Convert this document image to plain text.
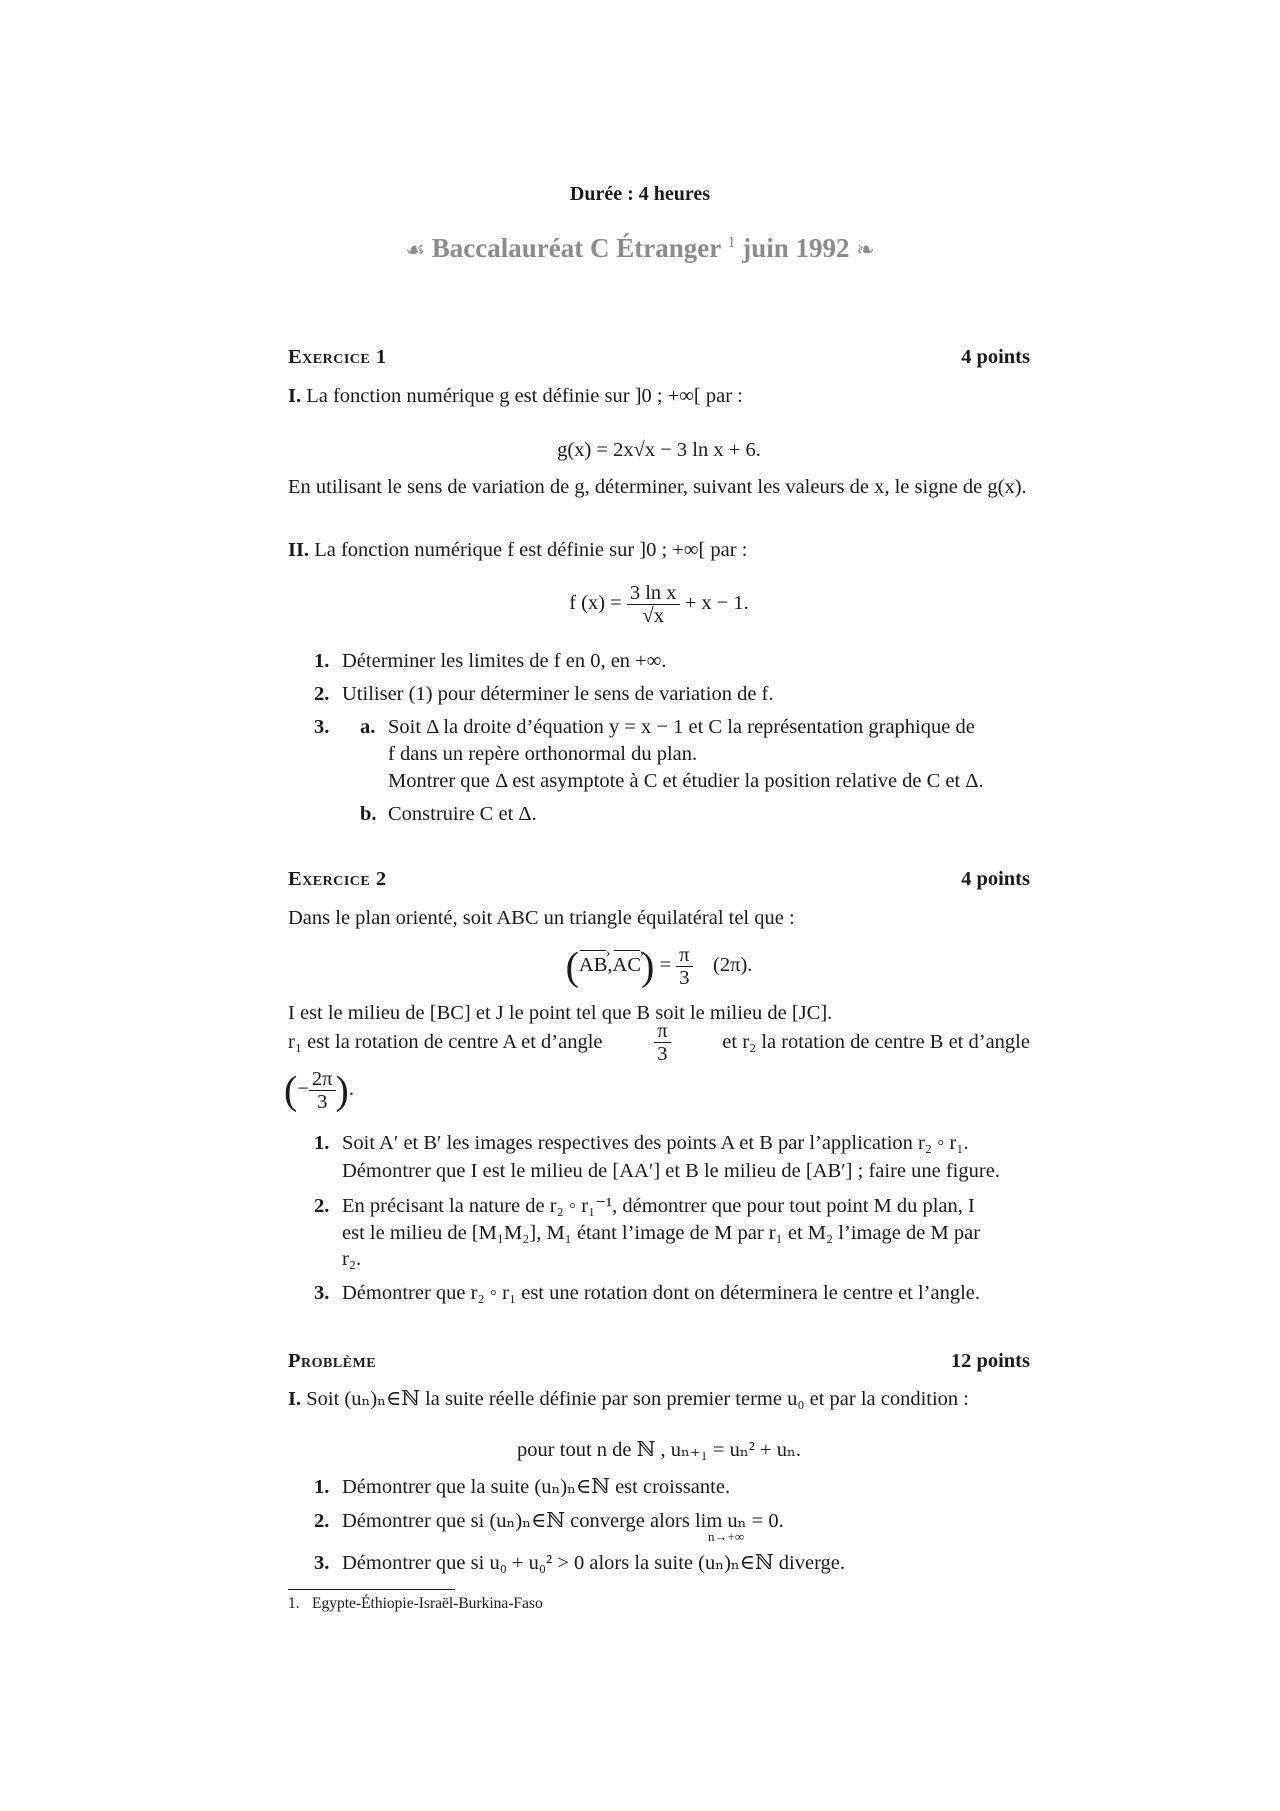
Durée : 4 heures
☙ Baccalauréat C Étranger $^1$ juin 1992 ❧
Exercice 1	4 points

I. La fonction numérique g est définie sur ]0 ; +∞[ par :

g(x) = 2x√x − 3 ln x + 6.
En utilisant le sens de variation de g, déterminer, suivant les valeurs de x, le signe de g(x).

II. La fonction numérique f est définie sur ]0 ; +∞[ par :

f $(x) = \frac{\text{3 ln x}}{√x} + x - 1$.
1. Déterminer les limites de f en 0, en +∞.
2. Utiliser (1) pour déterminer le sens de variation de f.
3. a. Soit Δ la droite d’équation y = x − 1 et C la représentation graphique de
f dans un repère orthonormal du plan.
Montrer que Δ est asymptote à C et étudier la position relative de C et Δ.
b. Construire C et Δ.
Exercice 2	4 points
Dans le plan orienté, soit ABC un triangle équilatéral tel que :
(AB ›,AC ›) = $\frac{\pi}{3} (2\pi)$.
I est le milieu de [BC] et J le point tel que B soit le milieu de [JC].
r₁ est la rotation de centre A et d’angle	$\frac{\pi}{3}$	et r₂ la rotation de centre B et d’angle
(− $\frac{2\pi}{3}$ ).
1. Soit A′ et B′ les images respectives des points A et B par l’application r₂ ◦ r₁.
Démontrer que I est le milieu de [AA′] et B le milieu de [AB′] ; faire une figure.
2. En précisant la nature de r₂ ◦ r₁⁻¹, démontrer que pour tout point M du plan, I
est le milieu de [M₁M₂], M₁ étant l’image de M par r₁ et M₂ l’image de M par
r₂.
3. Démontrer que r₂ ◦ r₁ est une rotation dont on déterminera le centre et l’angle.
Problème	12 points

I. Soit (uₙ)ₙ∈ℕ la suite réelle définie par son premier terme u₀ et par la condition :

pour tout n de ℕ , uₙ₊₁ = uₙ² + uₙ.
1. Démontrer que la suite (uₙ)ₙ∈ℕ est croissante.
2. Démontrer que si (uₙ)ₙ∈ℕ converge alors lim uₙ = 0.
n→+∞
3. Démontrer que si u₀ + u₀² > 0 alors la suite (uₙ)ₙ∈ℕ diverge.
1. Egypte-Éthiopie-Israël-Burkina-Faso
